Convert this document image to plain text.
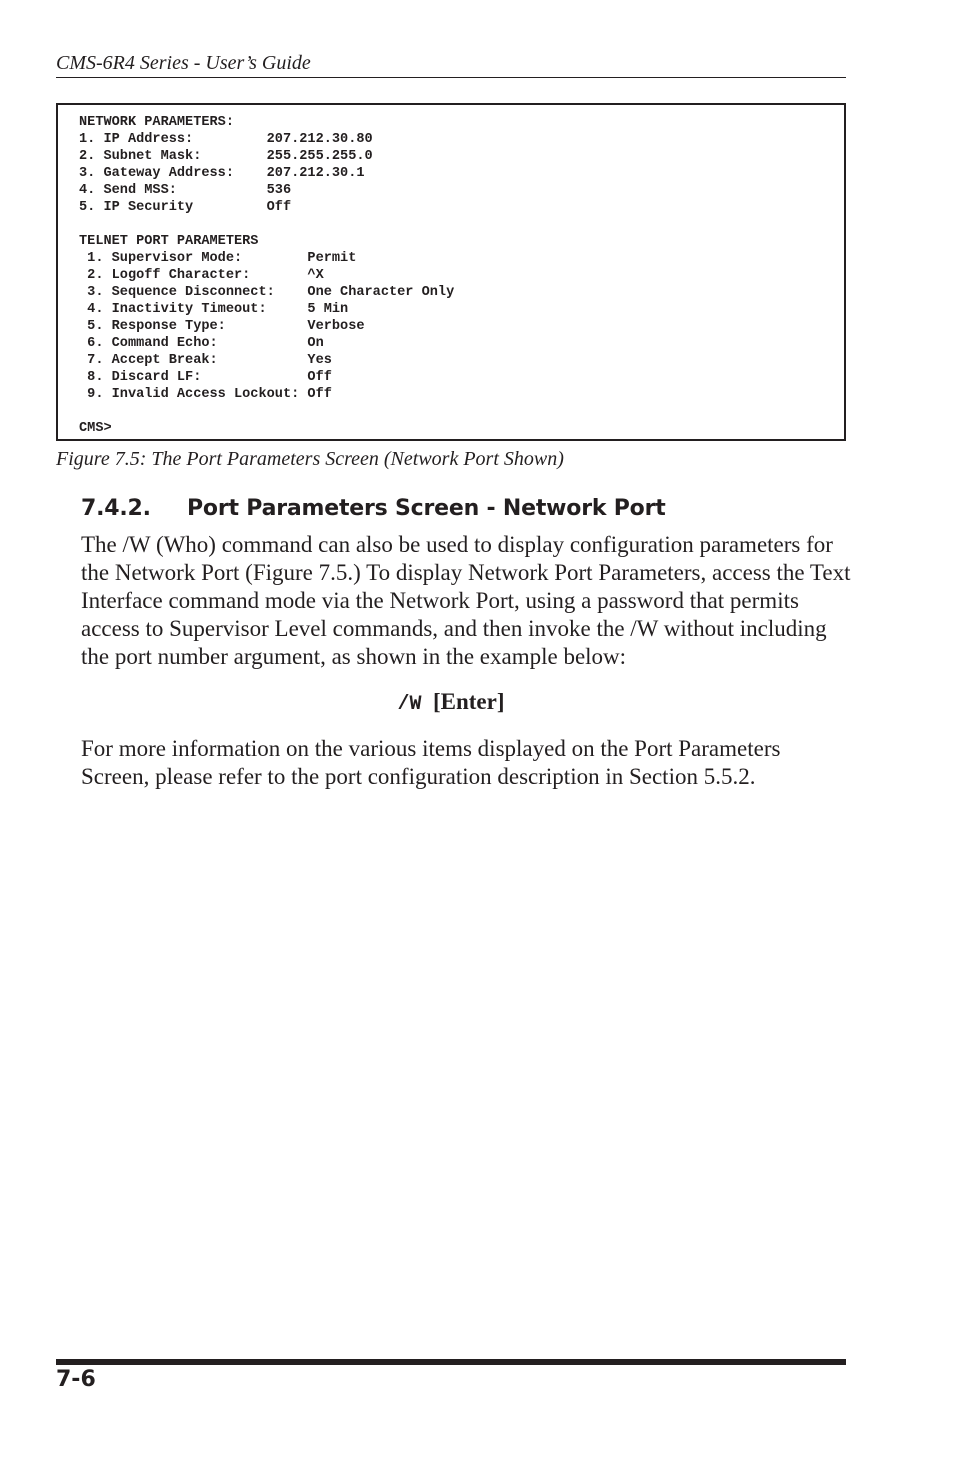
CMS-6R4 Series - User’s Guide
NETWORK PARAMETERS:
1. IP Address:         207.212.30.80
2. Subnet Mask:        255.255.255.0
3. Gateway Address:    207.212.30.1
4. Send MSS:           536
5. IP Security         Off

TELNET PORT PARAMETERS
1. Supervisor Mode:        Permit
2. Logoff Character:       ^X
3. Sequence Disconnect:    One Character Only
4. Inactivity Timeout:     5 Min
5. Response Type:          Verbose
6. Command Echo:           On
7. Accept Break:           Yes
8. Discard LF:             Off
9. Invalid Access Lockout: Off

CMS>
Figure 7.5: The Port Parameters Screen (Network Port Shown)
7.4.2. Port Parameters Screen - Network Port

The /W (Who) command can also be used to display configuration parameters for the Network Port (Figure 7.5.) To display Network Port Parameters, access the Text Interface command mode via the Network Port, using a password that permits access to Supervisor Level commands, and then invoke the /W without including the port number argument, as shown in the example below:

/W [Enter]

For more information on the various items displayed on the Port Parameters Screen, please refer to the port configuration description in Section 5.5.2.

7-6
